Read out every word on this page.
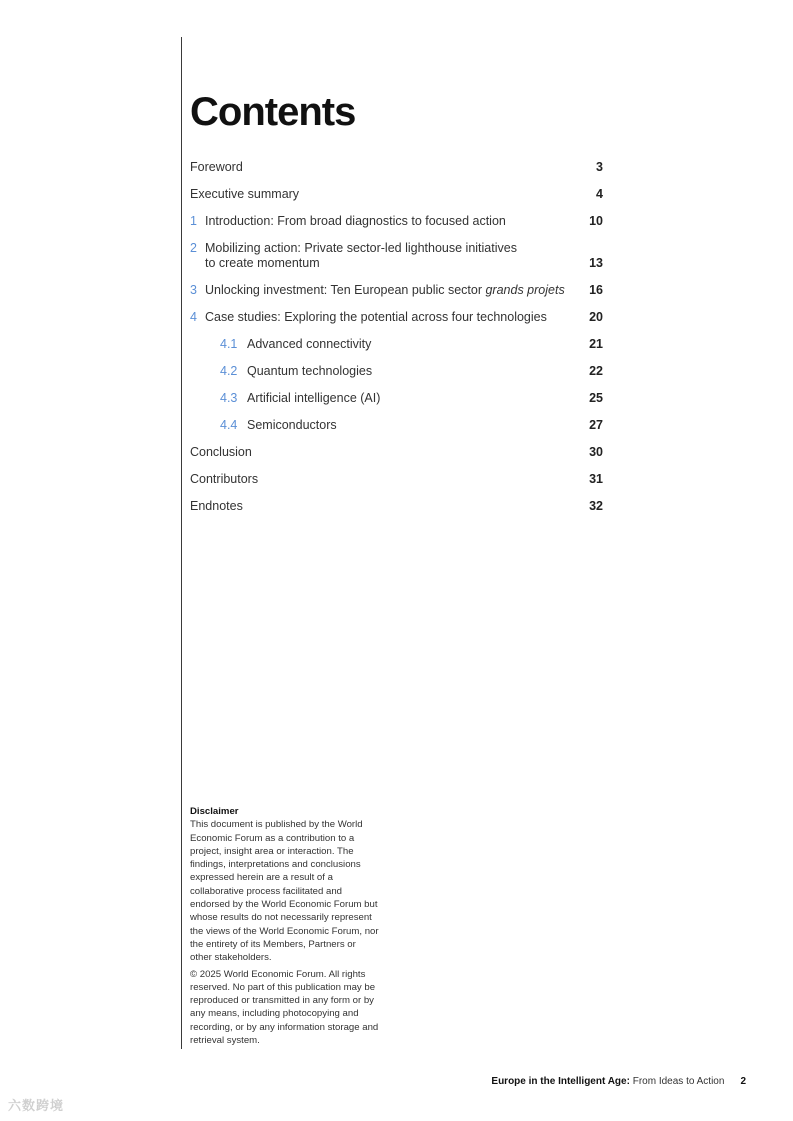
Contents
Foreword	3
Executive summary	4
1 Introduction: From broad diagnostics to focused action	10
2 Mobilizing action: Private sector-led lighthouse initiatives
to create momentum	13
3 Unlocking investment: Ten European public sector grands projets	16
4 Case studies: Exploring the potential across four technologies	20
4.1 Advanced connectivity	21
4.2 Quantum technologies	22
4.3 Artificial intelligence (AI)	25
4.4 Semiconductors	27
Conclusion	30
Contributors	31
Endnotes	32
Disclaimer

This document is published by the World Economic Forum as a contribution to a project, insight area or interaction. The findings, interpretations and conclusions expressed herein are a result of a collaborative process facilitated and endorsed by the World Economic Forum but whose results do not necessarily represent the views of the World Economic Forum, nor the entirety of its Members, Partners or other stakeholders.

© 2025 World Economic Forum. All rights reserved. No part of this publication may be reproduced or transmitted in any form or by any means, including photocopying and recording, or by any information storage and retrieval system.

Europe in the Intelligent Age: From Ideas to Action 2
六数跨境
